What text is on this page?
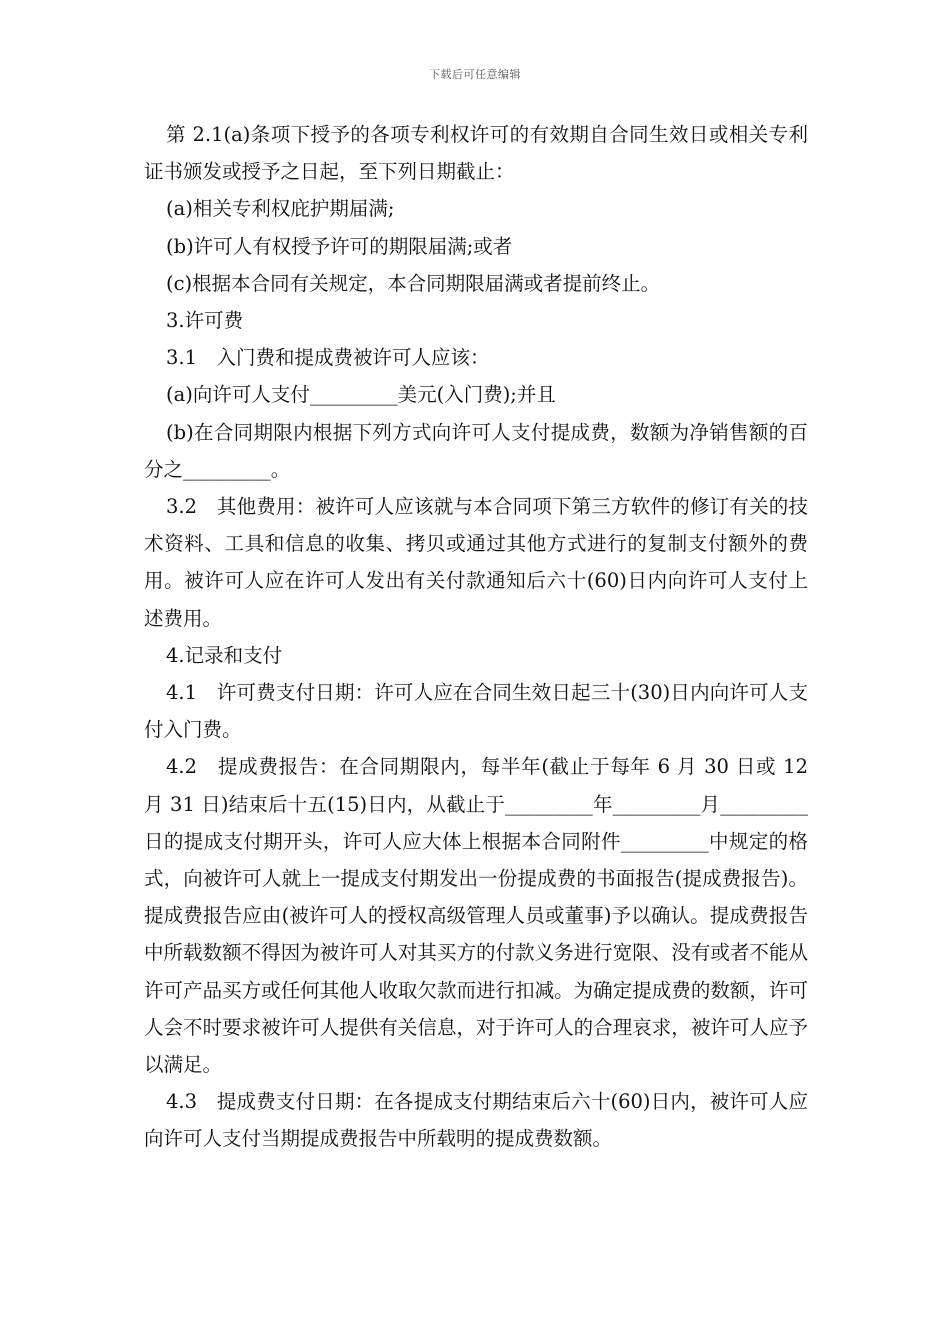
下载后可任意编辑

第 2.1(a)条项下授予的各项专利权许可的有效期自合同生效日或相关专利证书颁发或授予之日起，至下列日期截止：

(a)相关专利权庇护期届满;

(b)许可人有权授予许可的期限届满;或者

(c)根据本合同有关规定，本合同期限届满或者提前终止。

3.许可费

3.1　入门费和提成费被许可人应该：

(a)向许可人支付_________美元(入门费);并且

(b)在合同期限内根据下列方式向许可人支付提成费，数额为净销售额的百分之_________。

3.2　其他费用：被许可人应该就与本合同项下第三方软件的修订有关的技术资料、工具和信息的收集、拷贝或通过其他方式进行的复制支付额外的费用。被许可人应在许可人发出有关付款通知后六十(60)日内向许可人支付上述费用。

4.记录和支付

4.1　许可费支付日期：许可人应在合同生效日起三十(30)日内向许可人支付入门费。

4.2　提成费报告：在合同期限内，每半年(截止于每年 6 月 30 日或 12 月 31 日)结束后十五(15)日内，从截止于_________年_________月_________日的提成支付期开头，许可人应大体上根据本合同附件_________中规定的格式，向被许可人就上一提成支付期发出一份提成费的书面报告(提成费报告)。提成费报告应由(被许可人的授权高级管理人员或董事)予以确认。提成费报告中所载数额不得因为被许可人对其买方的付款义务进行宽限、没有或者不能从许可产品买方或任何其他人收取欠款而进行扣减。为确定提成费的数额，许可人会不时要求被许可人提供有关信息，对于许可人的合理哀求，被许可人应予以满足。

4.3　提成费支付日期：在各提成支付期结束后六十(60)日内，被许可人应向许可人支付当期提成费报告中所载明的提成费数额。
